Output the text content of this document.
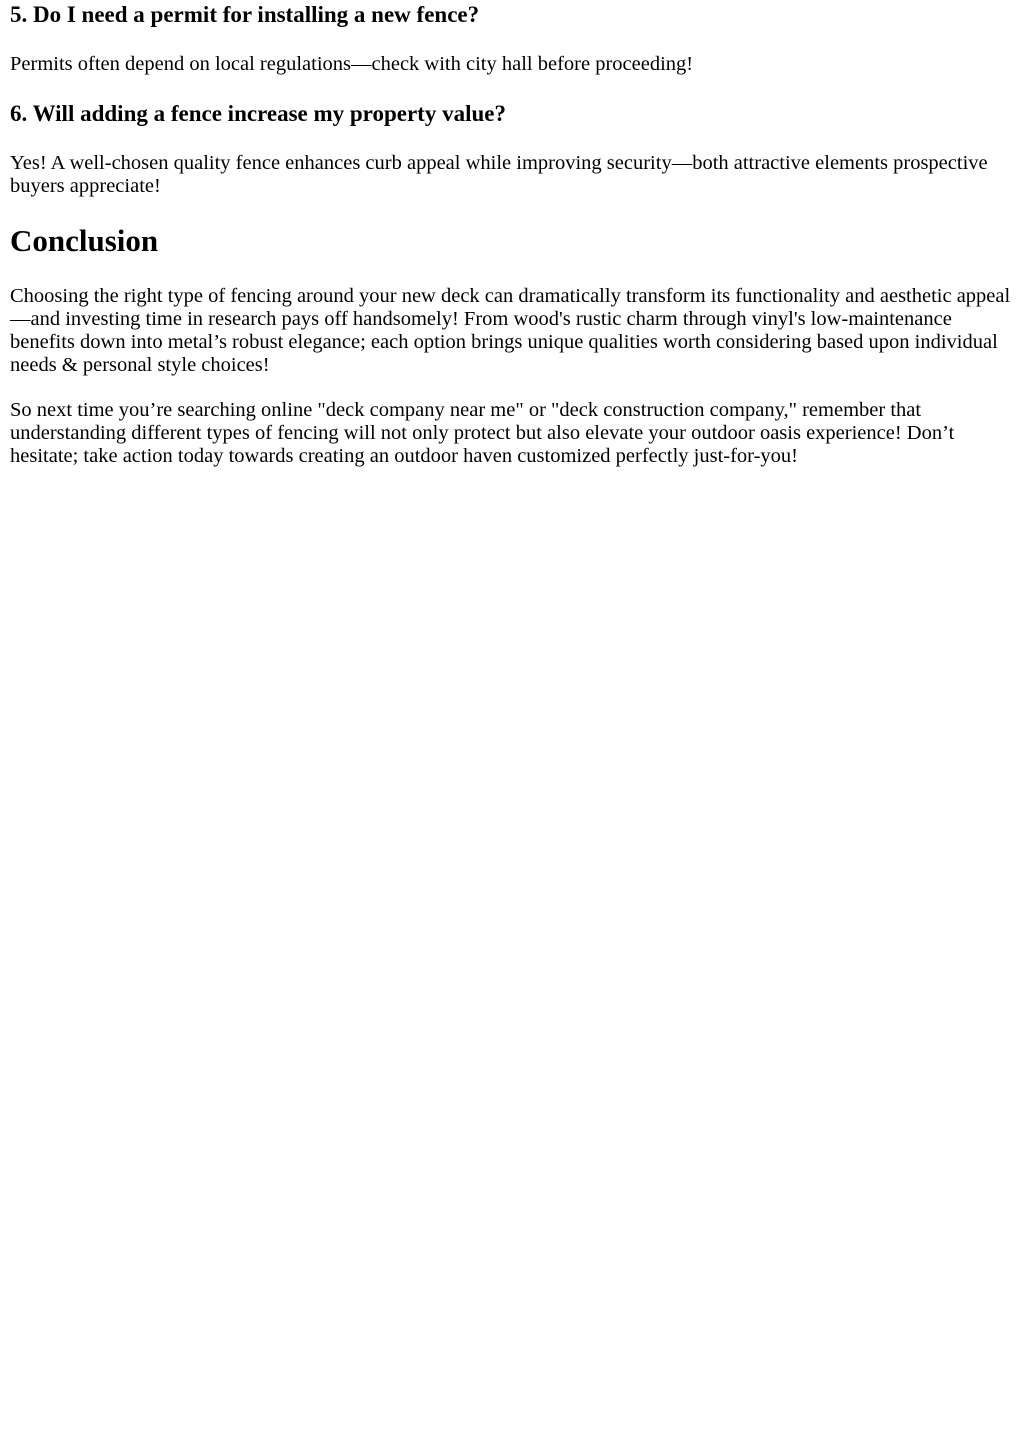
5. Do I need a permit for installing a new fence?

Permits often depend on local regulations—check with city hall before proceeding!

6. Will adding a fence increase my property value?

Yes! A well-chosen quality fence enhances curb appeal while improving security—both attractive elements prospective buyers appreciate!

Conclusion

Choosing the right type of fencing around your new deck can dramatically transform its functionality and aesthetic appeal—and investing time in research pays off handsomely! From wood's rustic charm through vinyl's low-maintenance benefits down into metal’s robust elegance; each option brings unique qualities worth considering based upon individual needs & personal style choices!

So next time you’re searching online "deck company near me" or "deck construction company," remember that understanding different types of fencing will not only protect but also elevate your outdoor oasis experience! Don’t hesitate; take action today towards creating an outdoor haven customized perfectly just-for-you!
